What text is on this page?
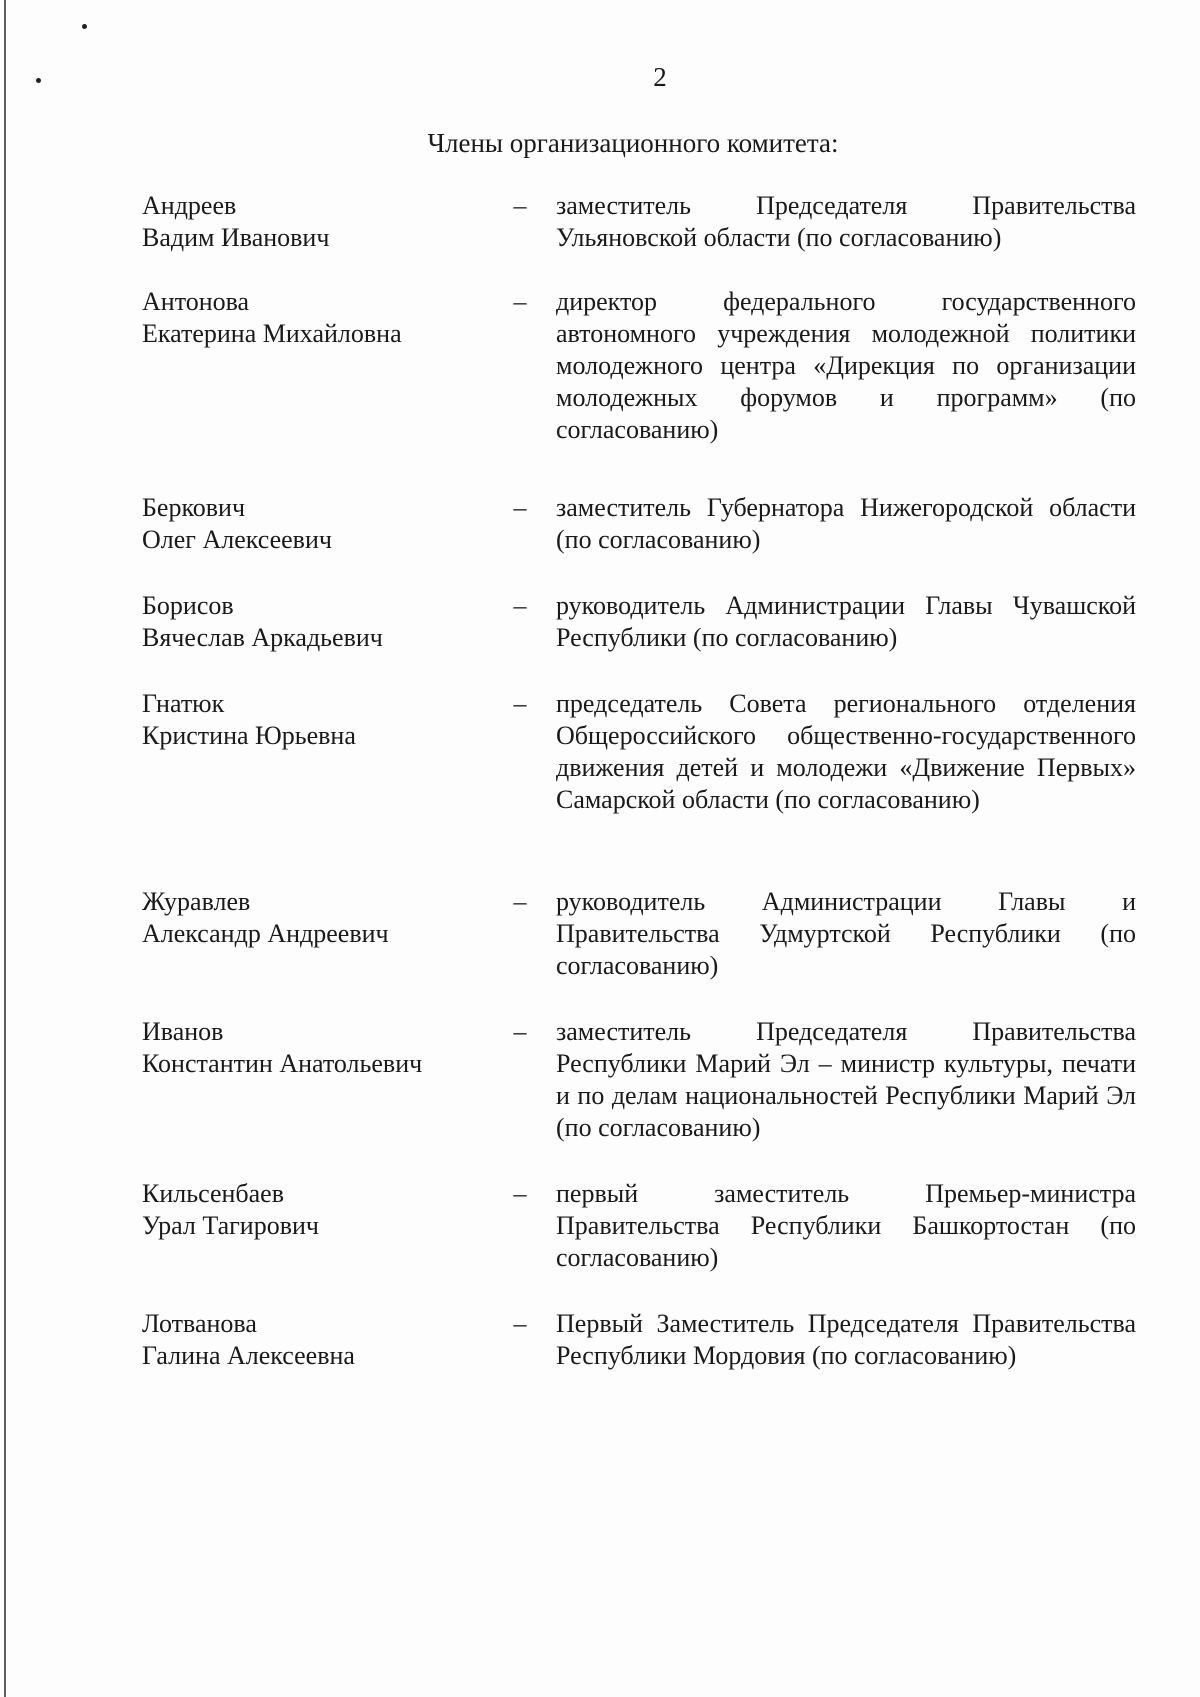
2
Члены организационного комитета:
Андреев
Вадим Иванович
– заместитель Председателя Правительства Ульяновской области (по согласованию)
Антонова
Екатерина Михайловна
– директор федерального государственного автономного учреждения молодежной политики молодежного центра «Дирекция по организации молодежных форумов и программ» (по согласованию)
Беркович
Олег Алексеевич
– заместитель Губернатора Нижегородской области (по согласованию)
Борисов
Вячеслав Аркадьевич
– руководитель Администрации Главы Чувашской Республики (по согласованию)
Гнатюк
Кристина Юрьевна
– председатель Совета регионального отделения Общероссийского общественно-государственного движения детей и молодежи «Движение Первых» Самарской области (по согласованию)
Журавлев
Александр Андреевич
– руководитель Администрации Главы и Правительства Удмуртской Республики (по согласованию)
Иванов
Константин Анатольевич
– заместитель Председателя Правительства Республики Марий Эл – министр культуры, печати и по делам национальностей Республики Марий Эл (по согласованию)
Кильсенбаев
Урал Тагирович
– первый заместитель Премьер-министра Правительства Республики Башкортостан (по согласованию)
Лотванова
Галина Алексеевна
– Первый Заместитель Председателя Правительства Республики Мордовия (по согласованию)
